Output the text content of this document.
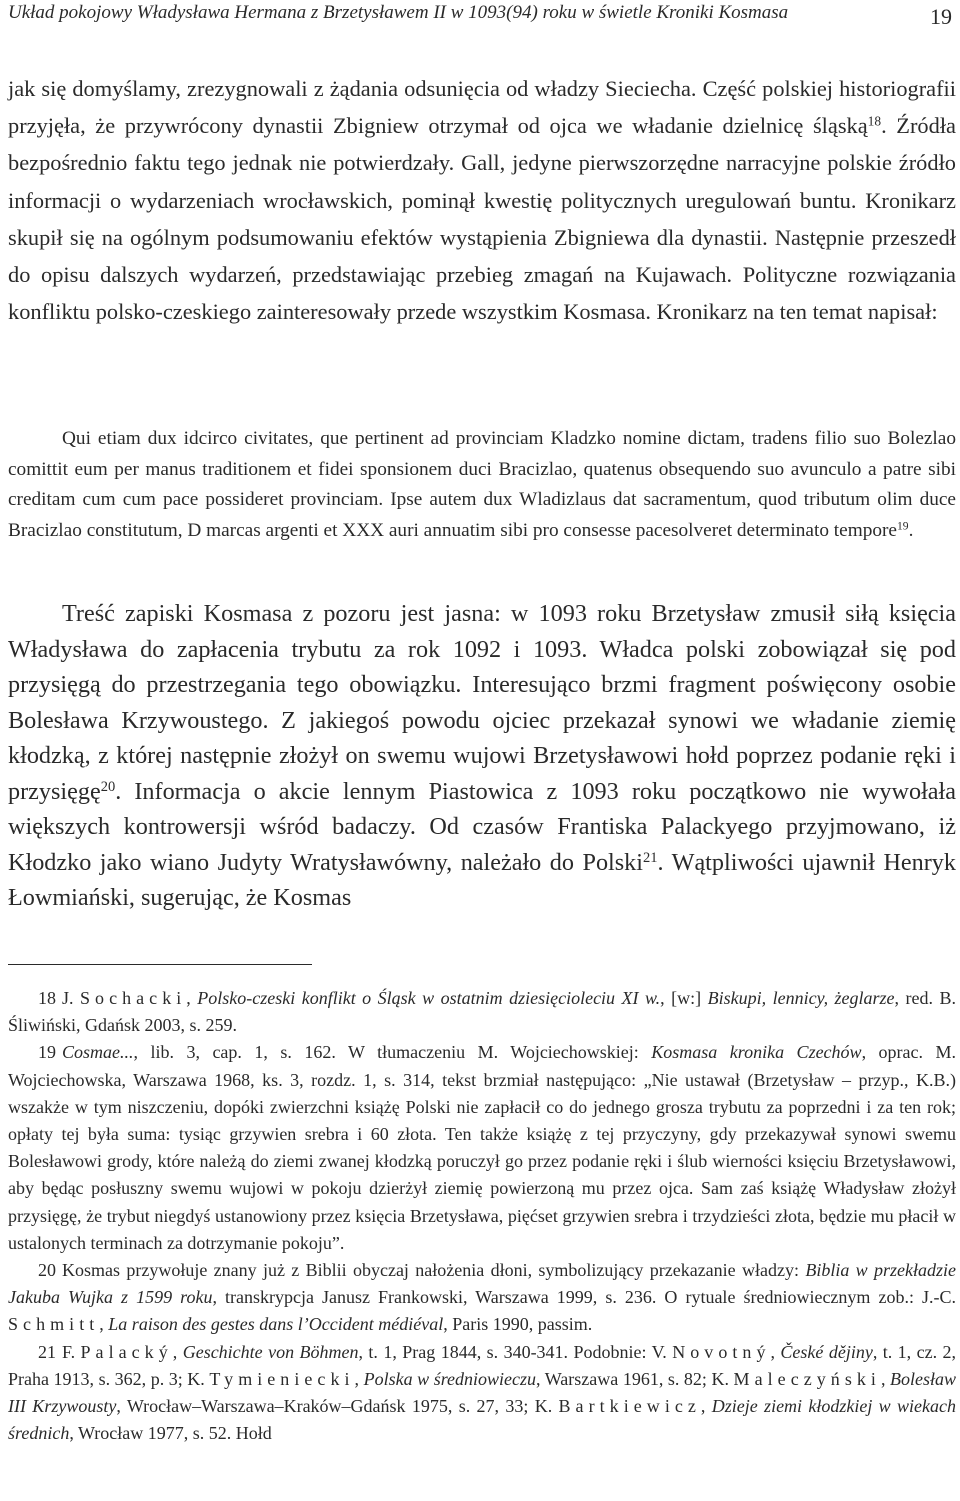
Układ pokojowy Władysława Hermana z Brzetysławem II w 1093(94) roku w świetle Kroniki Kosmasa	19

jak się domyślamy, zrezygnowali z żądania odsunięcia od władzy Sieciecha. Część polskiej historiografii przyjęła, że przywrócony dynastii Zbigniew otrzymał od ojca we władanie dzielnicę śląską$^{18}$. Źródła bezpośrednio faktu tego jednak nie potwierdzały. Gall, jedyne pierwszorzędne narracyjne polskie źródło informacji o wydarzeniach wrocławskich, pominął kwestię politycznych uregulowań buntu. Kronikarz skupił się na ogólnym podsumowaniu efektów wystąpienia Zbigniewa dla dynastii. Następnie przeszedł do opisu dalszych wydarzeń, przedstawiając przebieg zmagań na Kujawach. Polityczne rozwiązania konfliktu polsko-czeskiego zainteresowały przede wszystkim Kosmasa. Kronikarz na ten temat napisał:

Qui etiam dux idcirco civitates, que pertinent ad provinciam Kladzko nomine dictam, tradens filio suo Bolezlao comittit eum per manus traditionem et fidei sponsionem duci Bracizlao, quatenus obsequendo suo avunculo a patre sibi creditam cum cum pace possideret provinciam. Ipse autem dux Wladizlaus dat sacramentum, quod tributum olim duce Bracizlao constitutum, D marcas argenti et XXX auri annuatim sibi pro consesse pacesolveret determinato tempore$^{19}$.

Treść zapiski Kosmasa z pozoru jest jasna: w 1093 roku Brzetysław zmusił siłą księcia Władysława do zapłacenia trybutu za rok 1092 i 1093. Władca polski zobowiązał się pod przysięgą do przestrzegania tego obowiązku. Interesująco brzmi fragment poświęcony osobie Bolesława Krzywoustego. Z jakiegoś powodu ojciec przekazał synowi we władanie ziemię kłodzką, z której następnie złożył on swemu wujowi Brzetysławowi hołd poprzez podanie ręki i przysięgę$^{20}$. Informacja o akcie lennym Piastowica z 1093 roku początkowo nie wywołała większych kontrowersji wśród badaczy. Od czasów Frantiska Palackyego przyjmowano, iż Kłodzko jako wiano Judyty Wratysławówny, należało do Polski$^{21}$. Wątpliwości ujawnił Henryk Łowmiański, sugerując, że Kosmas

18 J. Sochacki, Polsko-czeski konflikt o Śląsk w ostatnim dziesięcioleciu XI w., [w:] Biskupi, lennicy, żeglarze, red. B. Śliwiński, Gdańsk 2003, s. 259.

19 Cosmae..., lib. 3, cap. 1, s. 162. W tłumaczeniu M. Wojciechowskiej: Kosmasa kronika Czechów, oprac. M. Wojciechowska, Warszawa 1968, ks. 3, rozdz. 1, s. 314, tekst brzmiał następująco: „Nie ustawał (Brzetysław – przyp., K.B.) wszakże w tym niszczeniu, dopóki zwierzchni książę Polski nie zapłacił co do jednego grosza trybutu za poprzedni i za ten rok; opłaty tej była suma: tysiąc grzywien srebra i 60 złota. Ten także książę z tej przyczyny, gdy przekazywał synowi swemu Bolesławowi grody, które należą do ziemi zwanej kłodzką poruczył go przez podanie ręki i ślub wierności księciu Brzetysławowi, aby będąc posłuszny swemu wujowi w pokoju dzierżył ziemię powierzoną mu przez ojca. Sam zaś książę Władysław złożył przysięgę, że trybut niegdyś ustanowiony przez księcia Brzetysława, pięćset grzywien srebra i trzydzieści złota, będzie mu płacił w ustalonych terminach za dotrzymanie pokoju”.

20 Kosmas przywołuje znany już z Biblii obyczaj nałożenia dłoni, symbolizujący przekazanie władzy: Biblia w przekładzie Jakuba Wujka z 1599 roku, transkrypcja Janusz Frankowski, Warszawa 1999, s. 236. O rytuale średniowiecznym zob.: J.-C. Schmitt, La raison des gestes dans l’Occident médiéval, Paris 1990, passim.

21 F. Palacký, Geschichte von Böhmen, t. 1, Prag 1844, s. 340-341. Podobnie: V. Novotný, České dějiny, t. 1, cz. 2, Praha 1913, s. 362, p. 3; K. Tymieniecki, Polska w średniowieczu, Warszawa 1961, s. 82; K. Maleczyński, Bolesław III Krzywousty, Wrocław–Warszawa–Kraków–Gdańsk 1975, s. 27, 33; K. Bartkiewicz, Dzieje ziemi kłodzkiej w wiekach średnich, Wrocław 1977, s. 52. Hołd
